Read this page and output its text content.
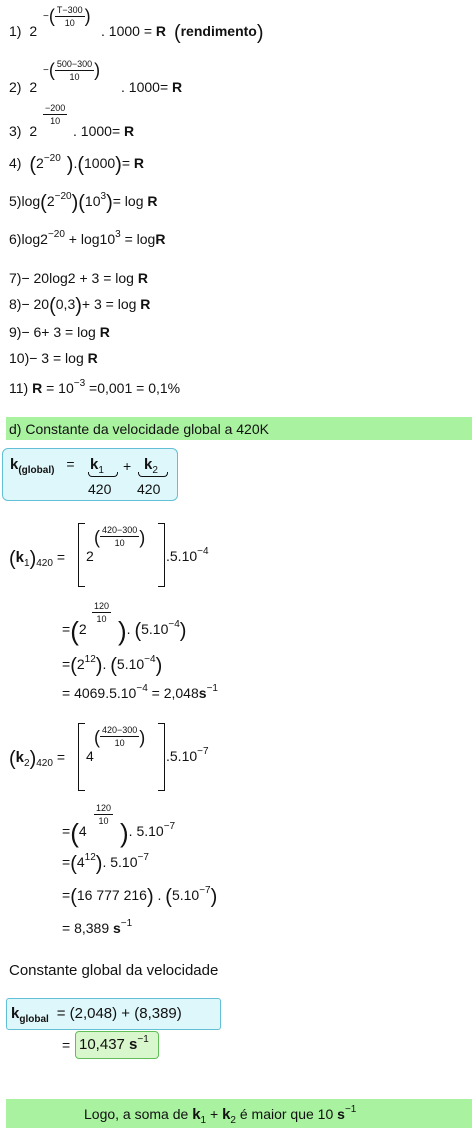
1) 2
−( $\frac{T-300}{10}$ )
. 1000 = R (rendimento)
2) 2
−( $\frac{500-300}{10}$ )
. 1000= R
3) 2
$\frac{-200}{10}$
. 1000= R
4) ($2^{-20}$ ).(1000)= R
$5)\log(2^{-20})(10^3)= \log R$
$6)\log 2^{-20} + \log 10^3 = \log R$
7)− 20log2 + 3 = log R
8)− 20(0,3)+ 3 = log R
9)− 6+ 3 = log R
10)− 3 = log R
11) $R = 10^{-3} =0,001 = 0,1\%$
d) Constante da velocidade global a 420K
$k_{(global)} = k_1$
420
+ $k_2$
420
$(k_1)_{420} = 2$
( $\frac{420-300}{10}$ )
$.5.10^{-4}$
=(2
$\frac{120}{10}$
). $(5.10^{-4})$
$=(2^{12})$. $(5.10^{-4})$
= $4069.5.10^{-4} = 2,048s^{-1}$
$(k_2)_{420} = 4$
( $\frac{420-300}{10}$ )
$.5.10^{-7}$
=(4
$\frac{120}{10}$
). $5.10^{-7}$
$=(4^{12})$. $5.10^{-7}$
=(16 777 216) . $(5.10^{-7})$
= 8,389 $s^{-1}$
Constante global da velocidade
$k_{global} = (2,048) + (8,389)$
= 10,437 $s^{-1}$
Logo, a soma de $k_1 + k_2$ é maior que 10 $s^{-1}$
